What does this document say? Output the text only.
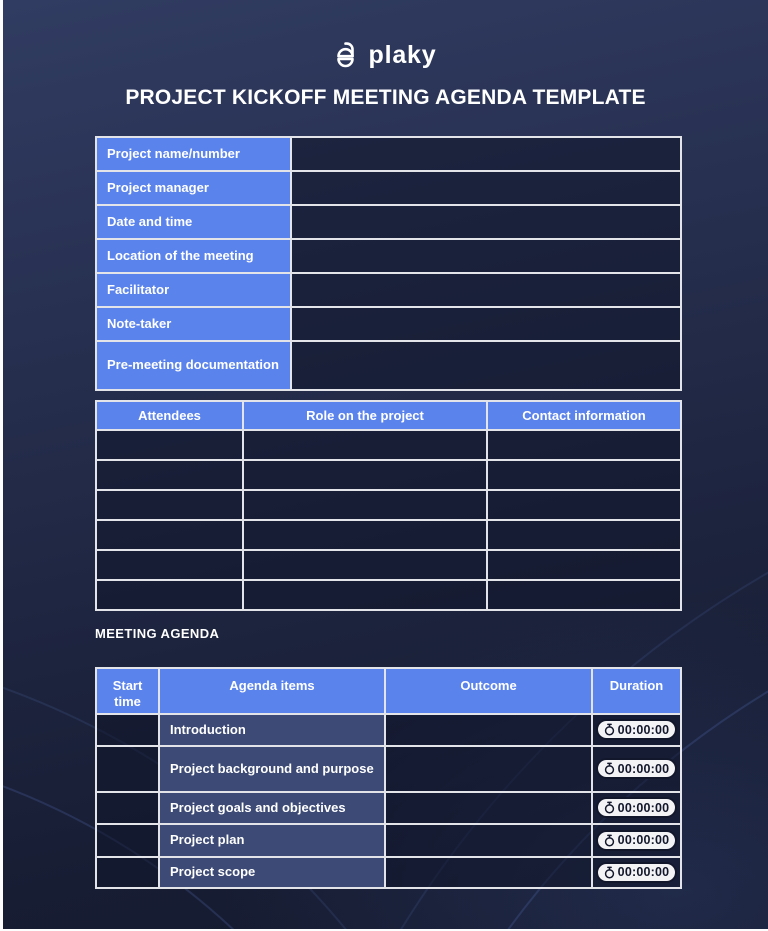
plaky
PROJECT KICKOFF MEETING AGENDA TEMPLATE
Project name/number	
Project manager	
Date and time	
Location of the meeting	
Facilitator	
Note-taker	
Pre-meeting documentation	
Attendees	Role on the project	Contact information

MEETING AGENDA
Start time	Agenda items	Outcome	Duration
	Introduction		00:00:00

	Project background and purpose		00:00:00

	Project goals and objectives		00:00:00

	Project plan		00:00:00

	Project scope		00:00:00
